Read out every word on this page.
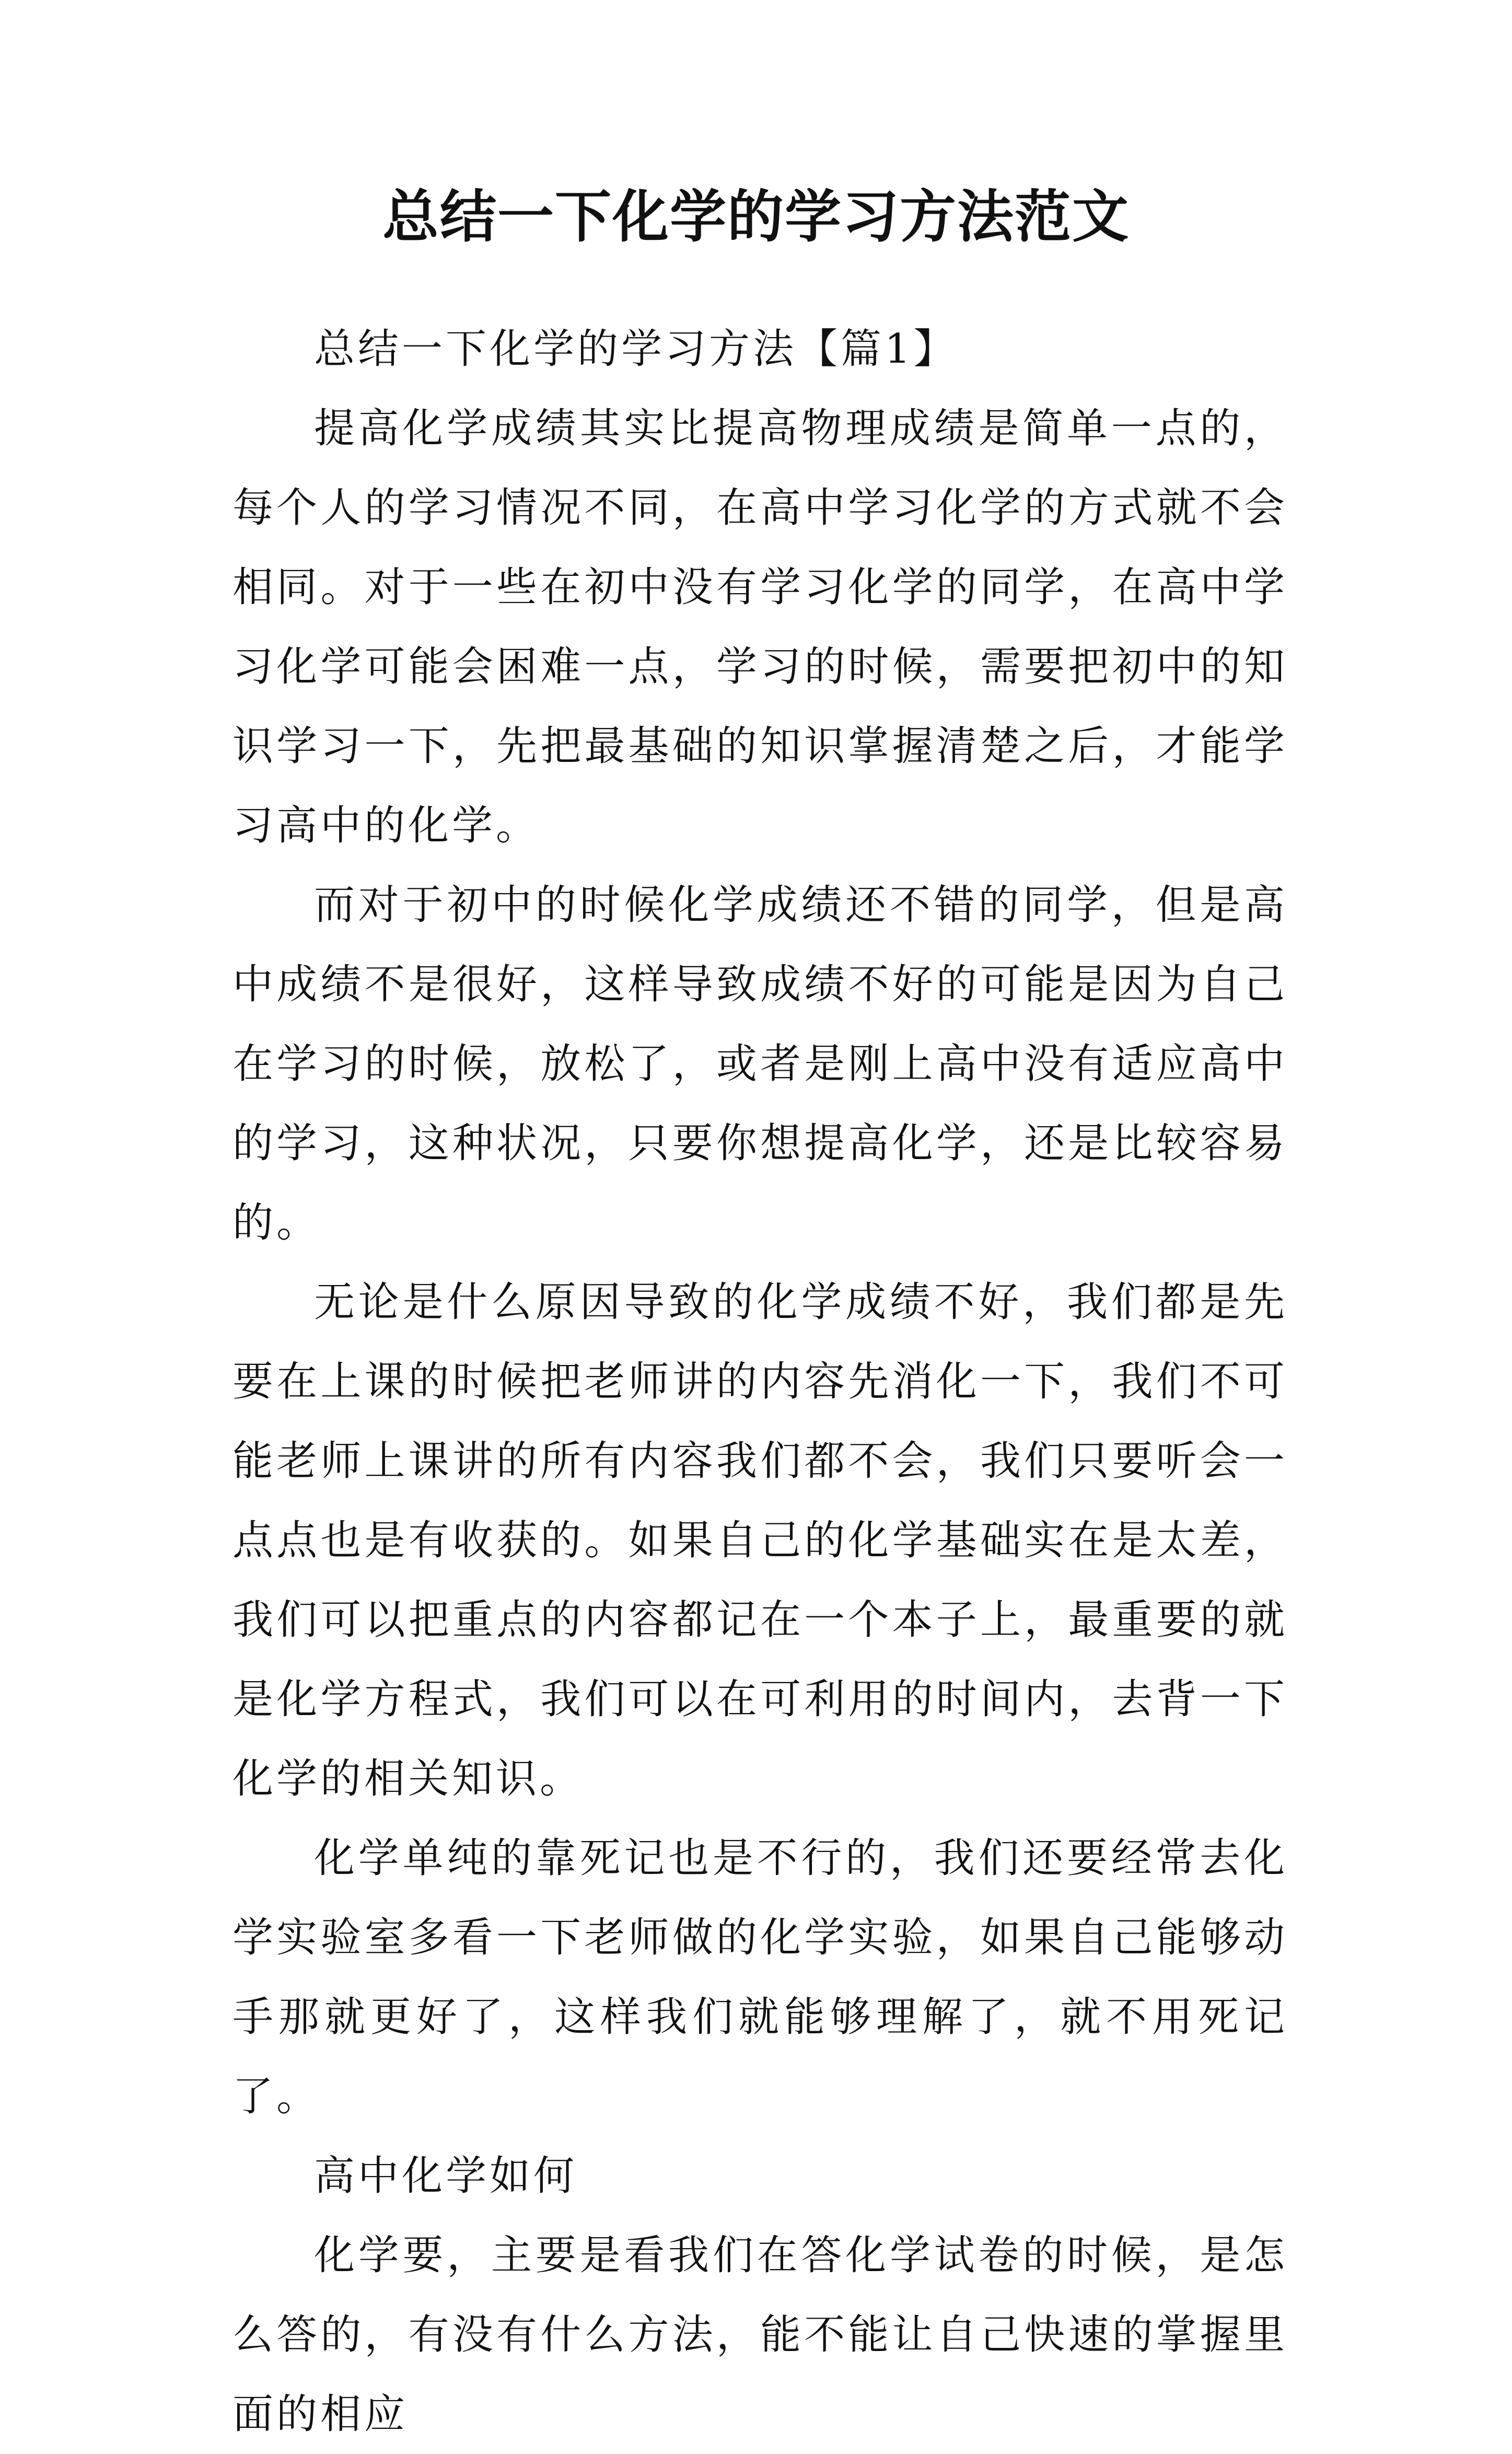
总结一下化学的学习方法范文

总结一下化学的学习方法【篇1】

提高化学成绩其实比提高物理成绩是简单一点的，每个人的学习情况不同，在高中学习化学的方式就不会相同。对于一些在初中没有学习化学的同学，在高中学习化学可能会困难一点，学习的时候，需要把初中的知识学习一下，先把最基础的知识掌握清楚之后，才能学习高中的化学。

而对于初中的时候化学成绩还不错的同学，但是高中成绩不是很好，这样导致成绩不好的可能是因为自己在学习的时候，放松了，或者是刚上高中没有适应高中的学习，这种状况，只要你想提高化学，还是比较容易的。

无论是什么原因导致的化学成绩不好，我们都是先要在上课的时候把老师讲的内容先消化一下，我们不可能老师上课讲的所有内容我们都不会，我们只要听会一点点也是有收获的。如果自己的化学基础实在是太差，我们可以把重点的内容都记在一个本子上，最重要的就是化学方程式，我们可以在可利用的时间内，去背一下化学的相关知识。

化学单纯的靠死记也是不行的，我们还要经常去化学实验室多看一下老师做的化学实验，如果自己能够动手那就更好了，这样我们就能够理解了，就不用死记了。

高中化学如何

化学要，主要是看我们在答化学试卷的时候，是怎么答的，有没有什么方法，能不能让自己快速的掌握里面的相应
